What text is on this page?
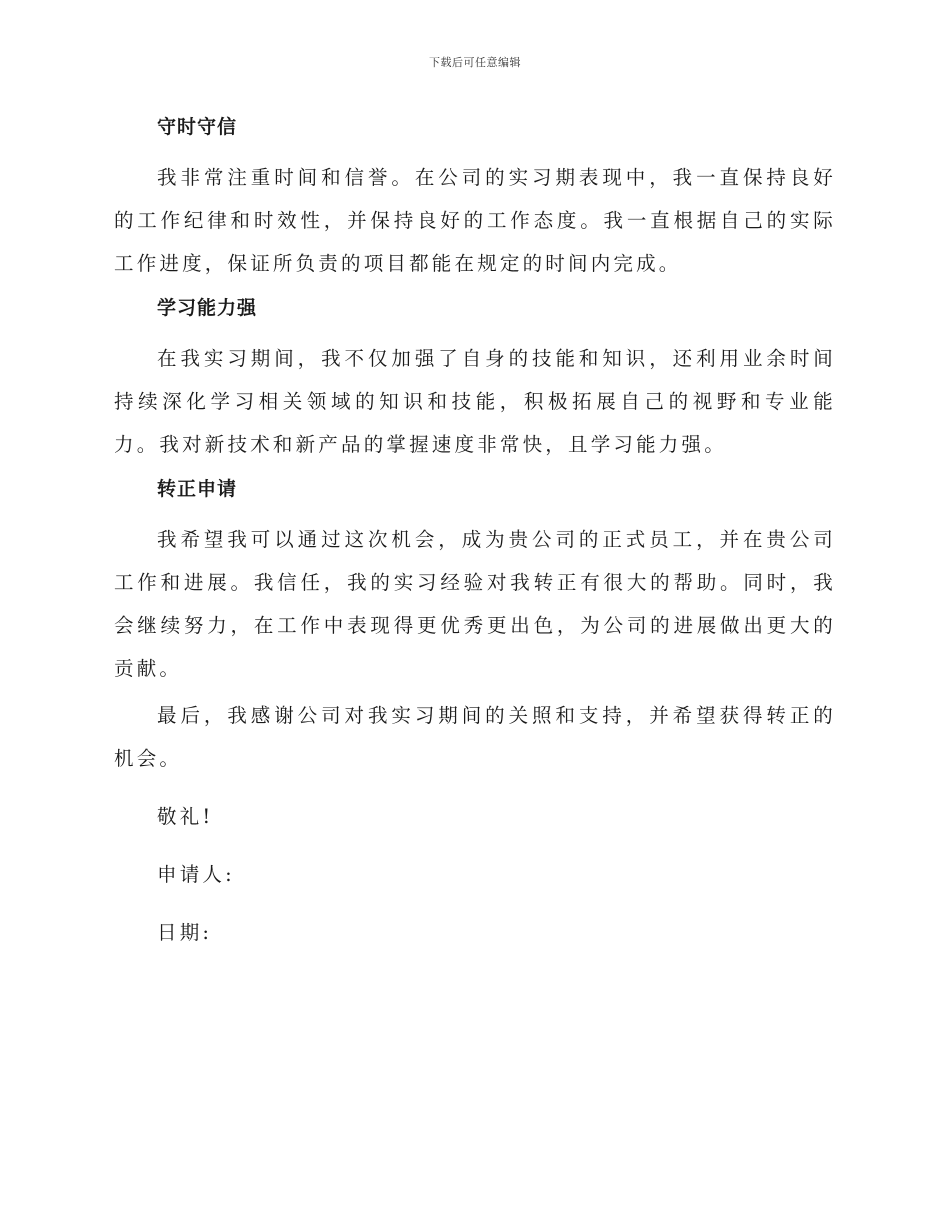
下载后可任意编辑
守时守信

我非常注重时间和信誉。在公司的实习期表现中，我一直保持良好的工作纪律和时效性，并保持良好的工作态度。我一直根据自己的实际工作进度，保证所负责的项目都能在规定的时间内完成。

学习能力强

在我实习期间，我不仅加强了自身的技能和知识，还利用业余时间持续深化学习相关领域的知识和技能，积极拓展自己的视野和专业能力。我对新技术和新产品的掌握速度非常快，且学习能力强。

转正申请

我希望我可以通过这次机会，成为贵公司的正式员工，并在贵公司工作和进展。我信任，我的实习经验对我转正有很大的帮助。同时，我会继续努力，在工作中表现得更优秀更出色，为公司的进展做出更大的贡献。

最后，我感谢公司对我实习期间的关照和支持，并希望获得转正的机会。

敬礼!

申请人:

日期:
